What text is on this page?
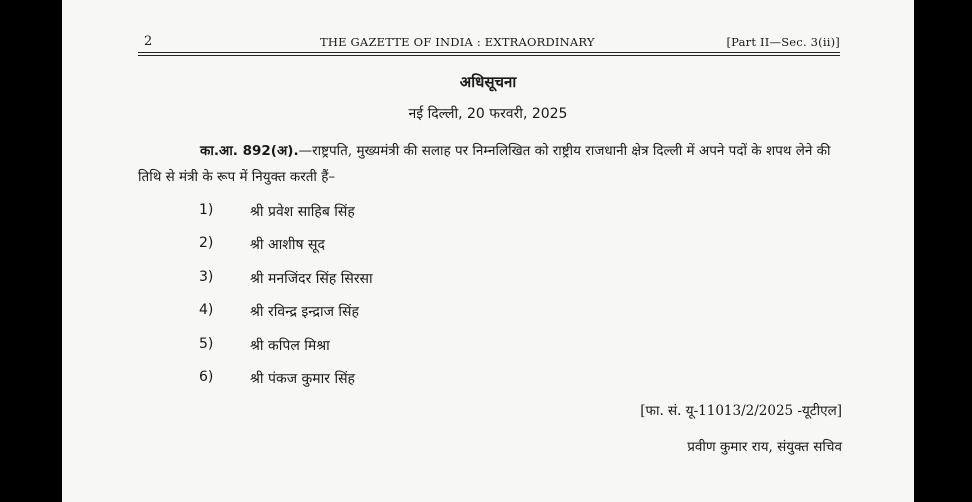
2	THE GAZETTE OF INDIA : EXTRAORDINARY	[Part II—Sec. 3(ii)]
अधिसूचना
नई दिल्ली, 20 फरवरी, 2025
का.आ. 892(अ).—राष्ट्रपति, मुख्यमंत्री की सलाह पर निम्नलिखित को राष्ट्रीय राजधानी क्षेत्र दिल्ली में अपने पदों के शपथ लेने की तिथि से मंत्री के रूप में नियुक्त करती हैं–
1)	श्री प्रवेश साहिब सिंह
2)	श्री आशीष सूद
3)	श्री मनजिंदर सिंह सिरसा
4)	श्री रविन्द्र इन्द्राज सिंह
5)	श्री कपिल मिश्रा
6)	श्री पंकज कुमार सिंह
[फा. सं. यू-11013/2/2025 -यूटीएल]
प्रवीण कुमार राय, संयुक्त सचिव
